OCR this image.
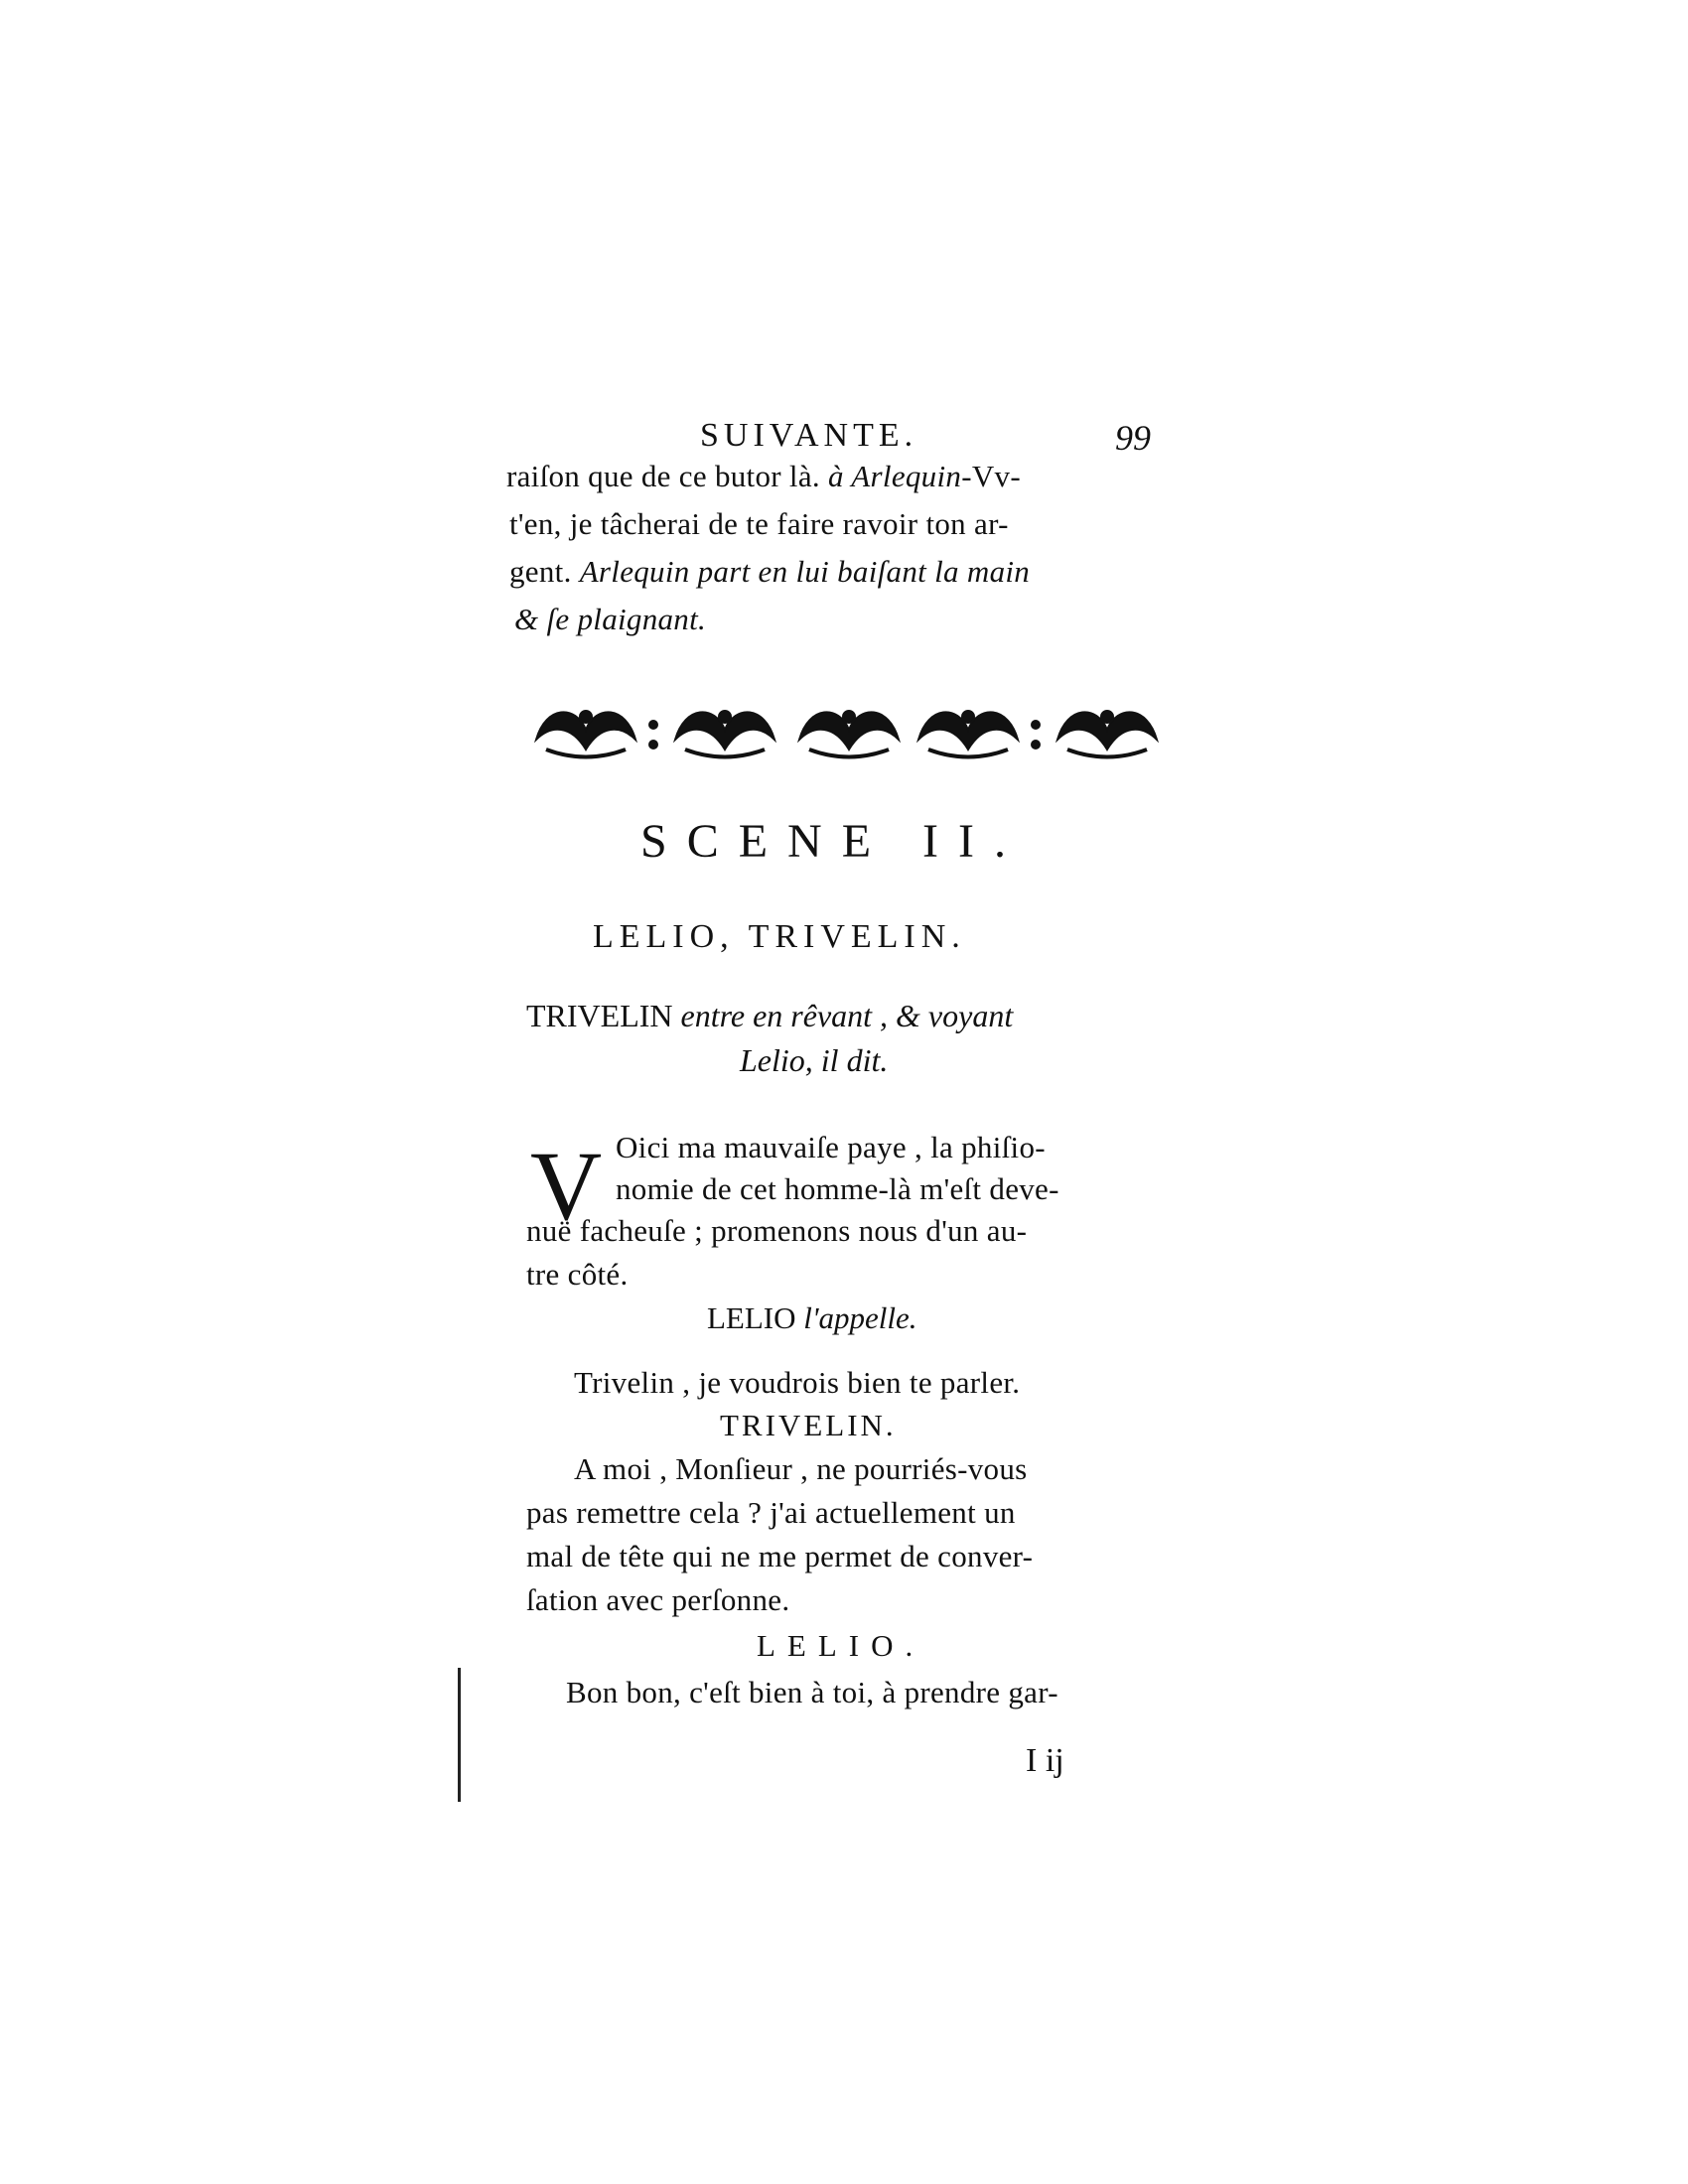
SUIVANTE.	99
raiſon que de ce butor là. à Arlequin-Vv-
t'en, je tâcherai de te faire ravoir ton ar-
gent. Arlequin part en lui baiſant la main
& ſe plaignant.
SCENE II.
LELIO, TRIVELIN.
TRIVELIN entre en rêvant , & voyant
Lelio, il dit.
V Oici ma mauvaiſe paye , la phiſio-
nomie de cet homme-là m'eſt deve-
nuë facheuſe ; promenons nous d'un au-
tre côté.
LELIO l'appelle.
Trivelin , je voudrois bien te parler.
TRIVELIN.
A moi , Monſieur , ne pourriés-vous
pas remettre cela ? j'ai actuellement un
mal de tête qui ne me permet de conver-
ſation avec perſonne.
LELIO.
Bon bon, c'eſt bien à toi, à prendre gar-
I ij
